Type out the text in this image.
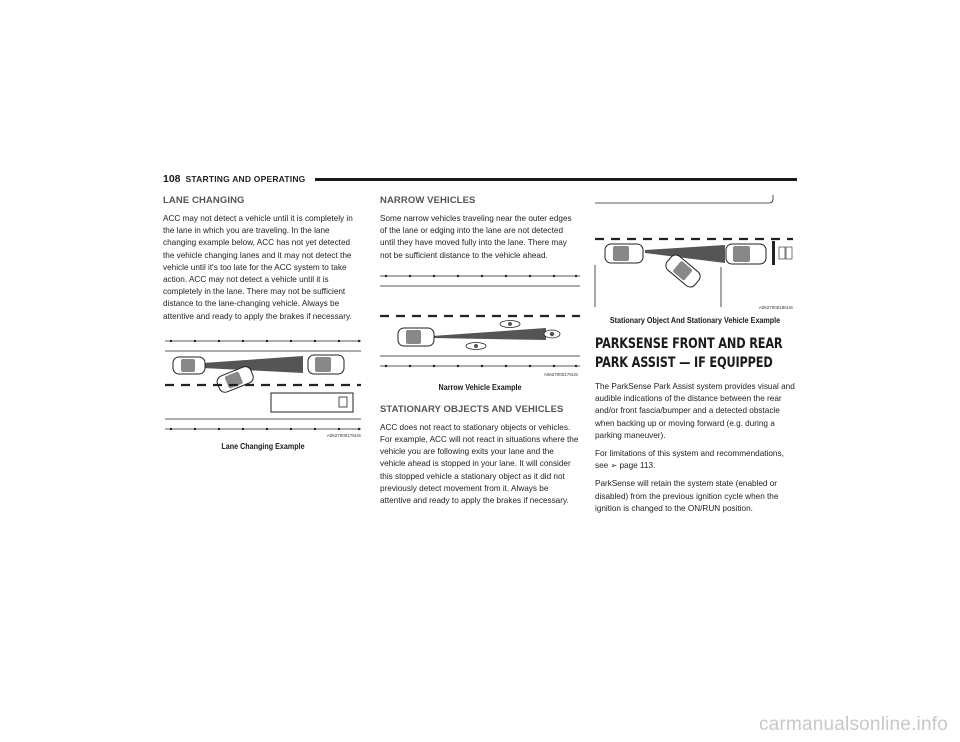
108 STARTING AND OPERATING
LANE CHANGING

ACC may not detect a vehicle until it is completely in the lane in which you are traveling. In the lane changing example below, ACC has not yet detected the vehicle changing lanes and it may not detect the vehicle until it's too late for the ACC system to take action. ACC may not detect a vehicle until it is completely in the lane. There may not be sufficient distance to the lane-changing vehicle. Always be attentive and ready to apply the brakes if necessary.

A0627000178US
Lane Changing Example
NARROW VEHICLES

Some narrow vehicles traveling near the outer edges of the lane or edging into the lane are not detected until they have moved fully into the lane. There may not be sufficient distance to the vehicle ahead.

A0627000179US
Narrow Vehicle Example
STATIONARY OBJECTS AND VEHICLES

ACC does not react to stationary objects or vehicles. For example, ACC will not react in situations where the vehicle you are following exits your lane and the vehicle ahead is stopped in your lane. It will consider this stopped vehicle a stationary object as it did not previously detect movement from it. Always be attentive and ready to apply the brakes if necessary.

A0627000180US
Stationary Object And Stationary Vehicle Example
PARKSENSE FRONT AND REAR PARK ASSIST — IF EQUIPPED

The ParkSense Park Assist system provides visual and audible indications of the distance between the rear and/or front fascia/bumper and a detected obstacle when backing up or moving forward (e.g. during a parking maneuver).

For limitations of this system and recommendations, see ➢ page 113.

ParkSense will retain the system state (enabled or disabled) from the previous ignition cycle when the ignition is changed to the ON/RUN position.

carmanualsonline.info
